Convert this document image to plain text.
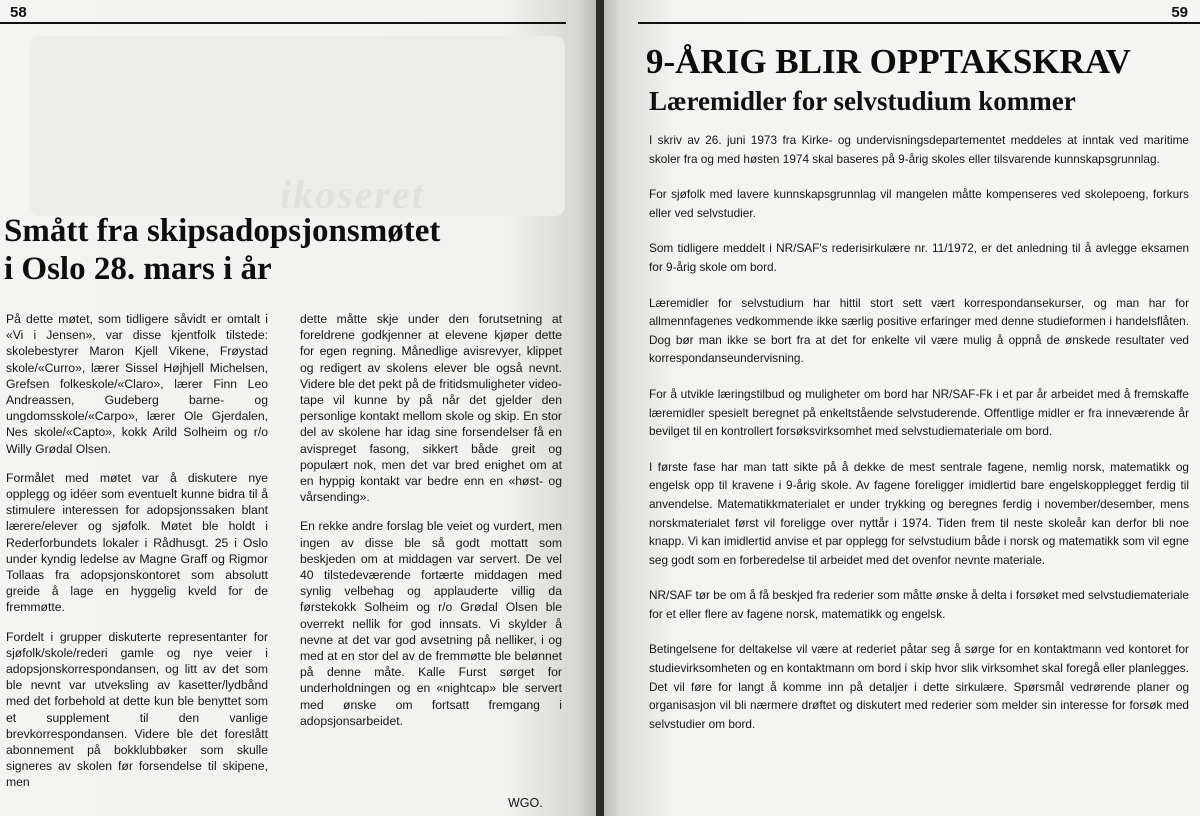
58
ikoseret
Smått fra skipsadopsjonsmøtet
i Oslo 28. mars i år

På dette møtet, som tidligere såvidt er omtalt i «Vi i Jensen», var disse kjentfolk tilstede: skolebestyrer Maron Kjell Vikene, Frøystad skole/«Curro», lærer Sissel Højhjell Michelsen, Grefsen folkeskole/«Claro», lærer Finn Leo Andreassen, Gudeberg barne- og ungdomsskole/«Carpo», lærer Ole Gjerdalen, Nes skole/«Capto», kokk Arild Solheim og r/o Willy Grødal Olsen.

Formålet med møtet var å diskutere nye opplegg og idéer som eventuelt kunne bidra til å stimulere interessen for adopsjonssaken blant lærere/elever og sjøfolk. Møtet ble holdt i Rederforbundets lokaler i Rådhusgt. 25 i Oslo under kyndig ledelse av Magne Graff og Rigmor Tollaas fra adopsjonskontoret som absolutt greide å lage en hyggelig kveld for de fremmøtte.

Fordelt i grupper diskuterte representanter for sjøfolk/skole/rederi gamle og nye veier i adopsjonskorrespondansen, og litt av det som ble nevnt var utveksling av kasetter/lydbånd med det forbehold at dette kun ble benyttet som et supplement til den vanlige brevkorrespondansen. Videre ble det foreslått abonnement på bokklubbøker som skulle signeres av skolen før forsendelse til skipene, men

dette måtte skje under den forutsetning at foreldrene godkjenner at elevene kjøper dette for egen regning. Månedlige avisrevyer, klippet og redigert av skolens elever ble også nevnt. Videre ble det pekt på de fritidsmuligheter video-tape vil kunne by på når det gjelder den personlige kontakt mellom skole og skip. En stor del av skolene har idag sine forsendelser få en avispreget fasong, sikkert både greit og populært nok, men det var bred enighet om at en hyppig kontakt var bedre enn en «høst- og vårsending».

En rekke andre forslag ble veiet og vurdert, men ingen av disse ble så godt mottatt som beskjeden om at middagen var servert. De vel 40 tilstedeværende fortærte middagen med synlig velbehag og applauderte villig da førstekokk Solheim og r/o Grødal Olsen ble overrekt nellik for god innsats. Vi skylder å nevne at det var god avsetning på nelliker, i og med at en stor del av de fremmøtte ble belønnet på denne måte. Kalle Furst sørget for underholdningen og en «nightcap» ble servert med ønske om fortsatt fremgang i adopsjonsarbeidet.

WGO.
59
9-ÅRIG BLIR OPPTAKSKRAV
Læremidler for selvstudium kommer

I skriv av 26. juni 1973 fra Kirke- og undervisningsdepartementet meddeles at inntak ved maritime skoler fra og med høsten 1974 skal baseres på 9-årig skoles eller tilsvarende kunnskapsgrunnlag.

For sjøfolk med lavere kunnskapsgrunnlag vil mangelen måtte kompenseres ved skolepoeng, forkurs eller ved selvstudier.

Som tidligere meddelt i NR/SAF's rederisirkulære nr. 11/1972, er det anledning til å avlegge eksamen for 9-årig skole om bord.

Læremidler for selvstudium har hittil stort sett vært korrespondansekurser, og man har for allmennfagenes vedkommende ikke særlig positive erfaringer med denne studieformen i handelsflåten. Dog bør man ikke se bort fra at det for enkelte vil være mulig å oppnå de ønskede resultater ved korrespondanseundervisning.

For å utvikle læringstilbud og muligheter om bord har NR/SAF-Fk i et par år arbeidet med å fremskaffe læremidler spesielt beregnet på enkeltstående selvstuderende. Offentlige midler er fra inneværende år bevilget til en kontrollert forsøksvirksomhet med selvstudiemateriale om bord.

I første fase har man tatt sikte på å dekke de mest sentrale fagene, nemlig norsk, matematikk og engelsk opp til kravene i 9-årig skole. Av fagene foreligger imidlertid bare engelskopplegget ferdig til anvendelse. Matematikkmaterialet er under trykking og beregnes ferdig i november/desember, mens norskmaterialet først vil foreligge over nyttår i 1974. Tiden frem til neste skoleår kan derfor bli noe knapp. Vi kan imidlertid anvise et par opplegg for selvstudium både i norsk og matematikk som vil egne seg godt som en forberedelse til arbeidet med det ovenfor nevnte materiale.

NR/SAF tør be om å få beskjed fra rederier som måtte ønske å delta i forsøket med selvstudiemateriale for et eller flere av fagene norsk, matematikk og engelsk.

Betingelsene for deltakelse vil være at rederiet påtar seg å sørge for en kontaktmann ved kontoret for studievirksomheten og en kontaktmann om bord i skip hvor slik virksomhet skal foregå eller planlegges. Det vil føre for langt å komme inn på detaljer i dette sirkulære. Spørsmål vedrørende planer og organisasjon vil bli nærmere drøftet og diskutert med rederier som melder sin interesse for forsøk med selvstudier om bord.
